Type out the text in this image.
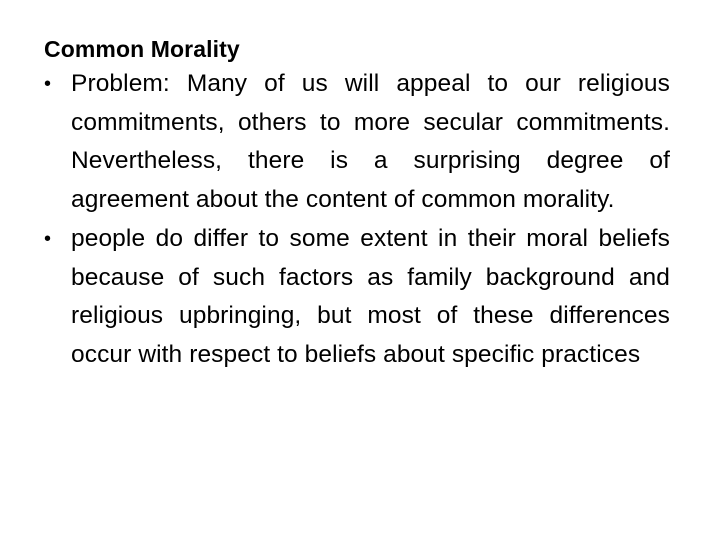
Common Morality
• Problem: Many of us will appeal to our religious commitments, others to more secular commitments. Nevertheless, there is a surprising degree of agreement about the content of common morality.
• people do differ to some extent in their moral beliefs because of such factors as family background and religious upbringing, but most of these differences occur with respect to beliefs about specific practices
